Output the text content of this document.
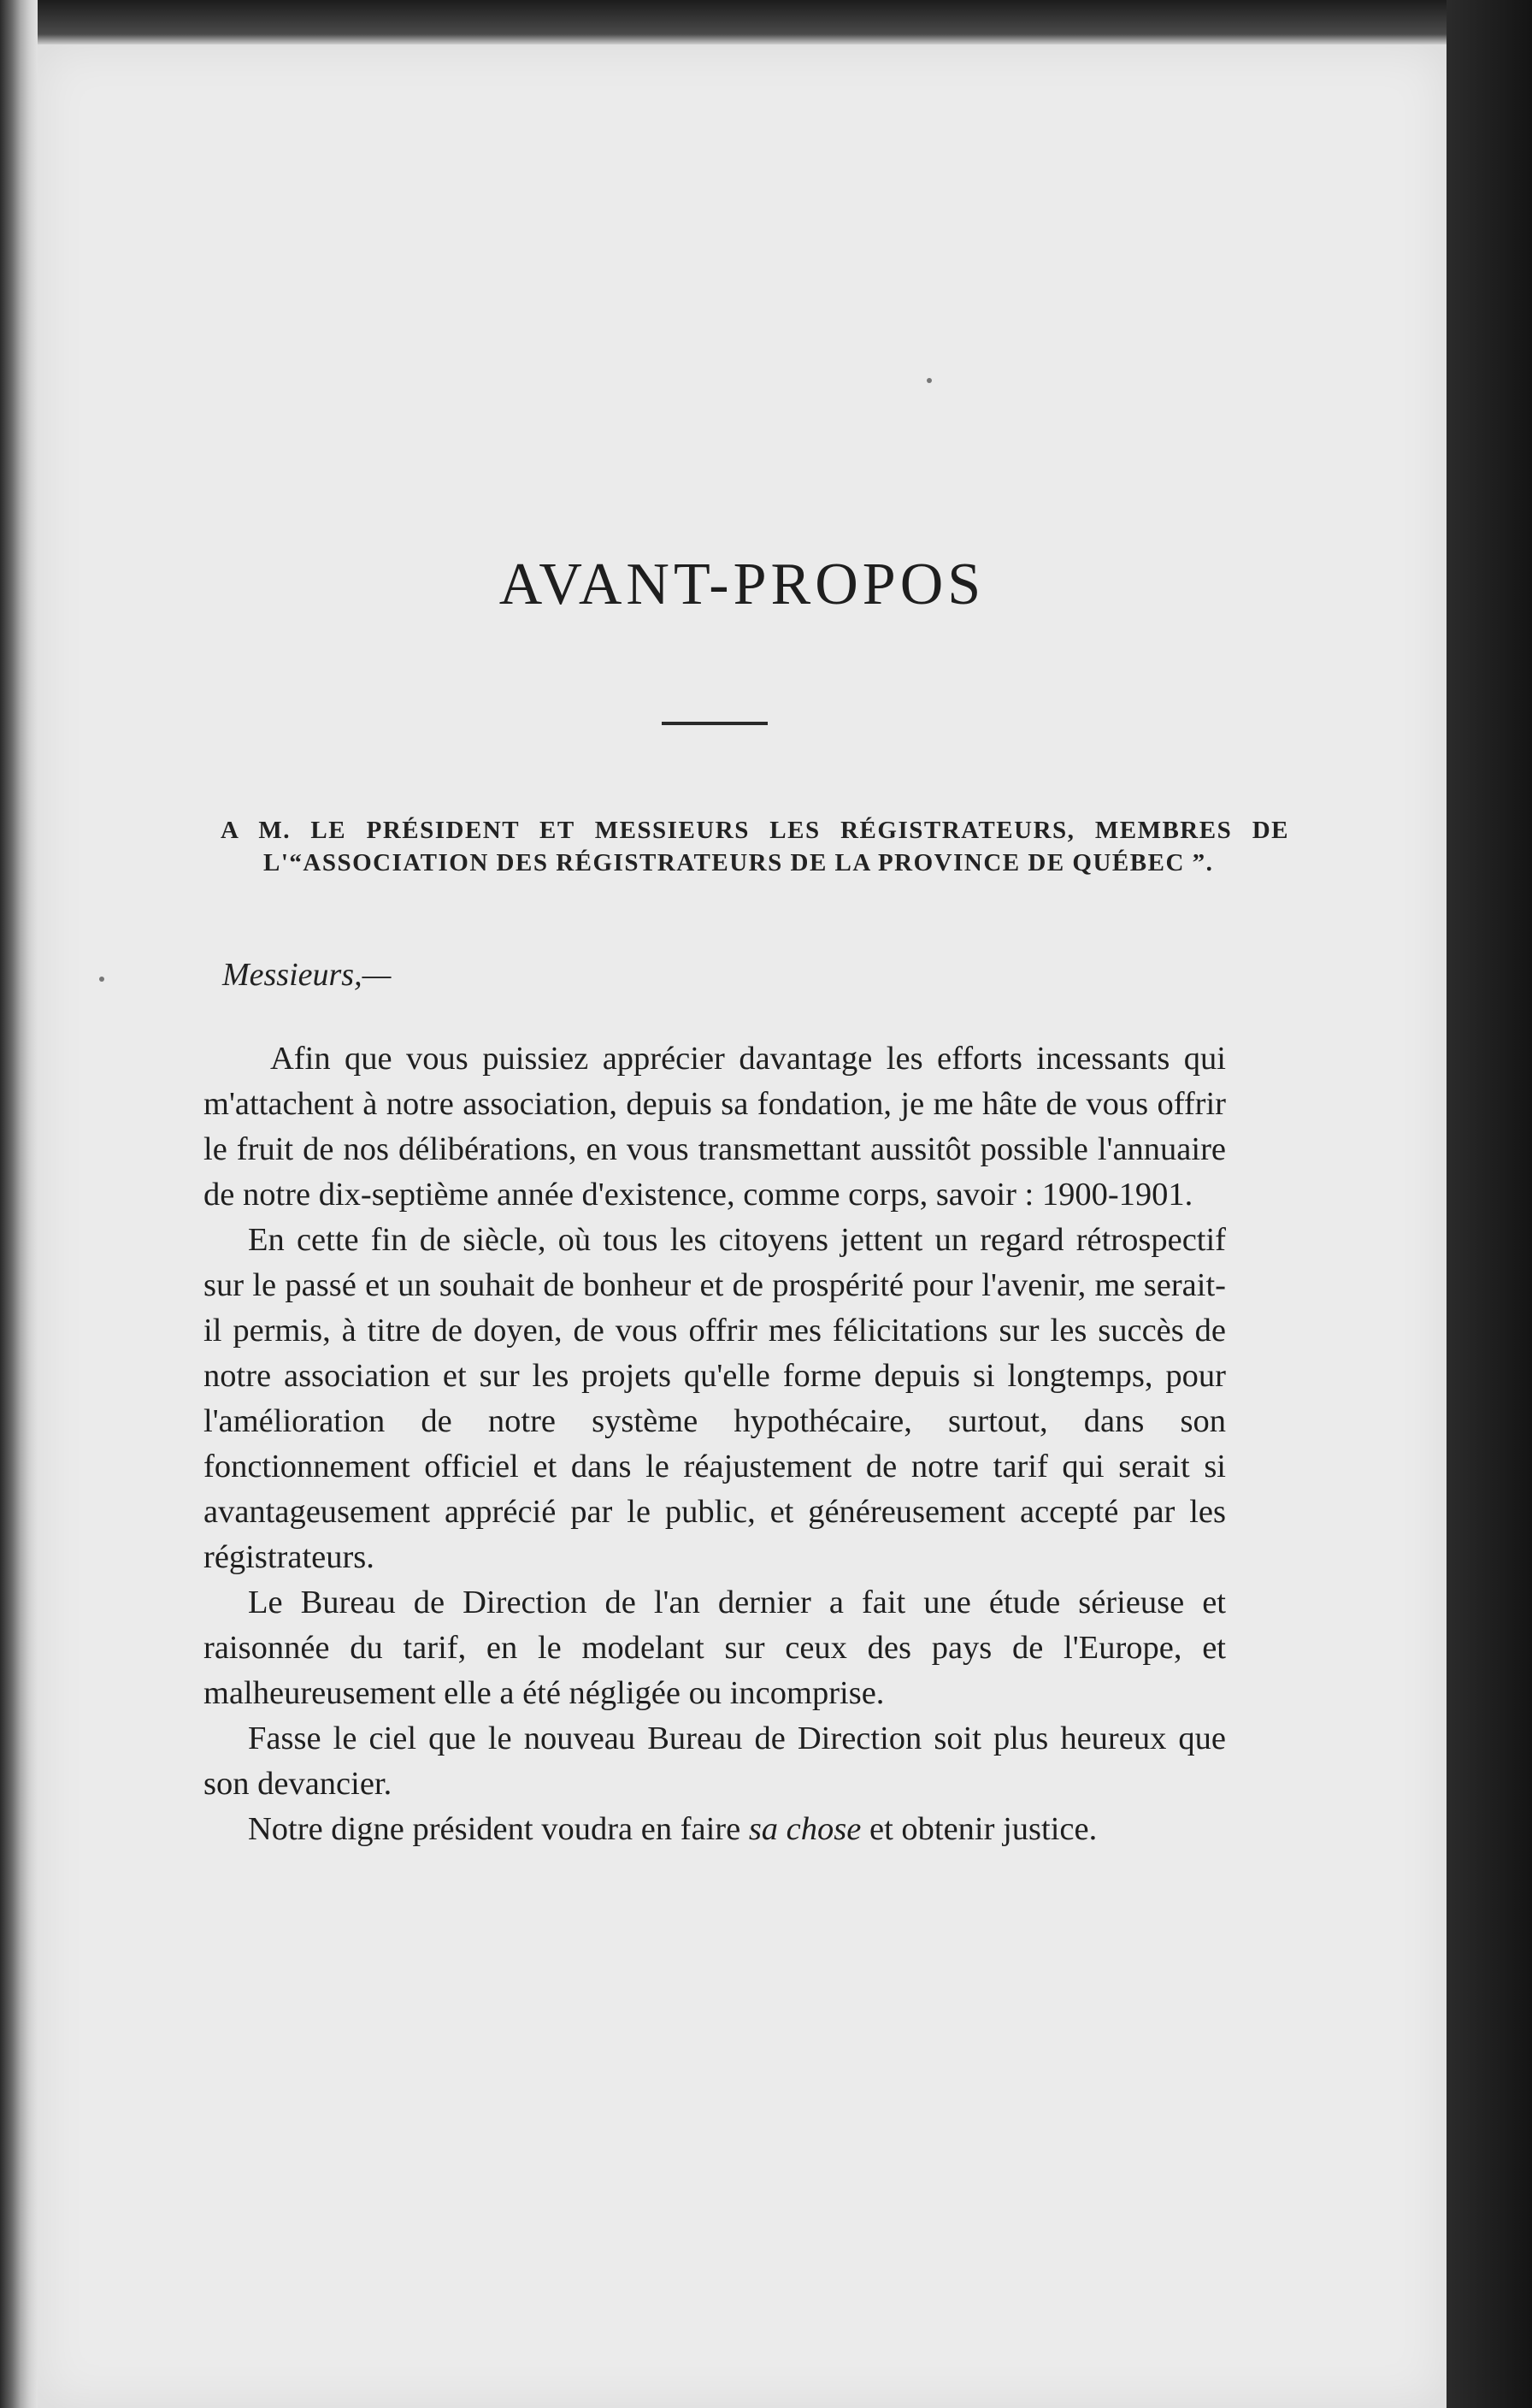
AVANT-PROPOS

A M. LE PRÉSIDENT ET MESSIEURS LES RÉGISTRATEURS, MEMBRES DE L'“ASSOCIATION DES RÉGISTRATEURS DE LA PROVINCE DE QUÉBEC ”.

Messieurs,—

Afin que vous puissiez apprécier davantage les efforts incessants qui m'attachent à notre association, depuis sa fondation, je me hâte de vous offrir le fruit de nos délibérations, en vous transmettant aussitôt possible l'annuaire de notre dix-septième année d'existence, comme corps, savoir : 1900-1901.

En cette fin de siècle, où tous les citoyens jettent un regard rétrospectif sur le passé et un souhait de bonheur et de prospérité pour l'avenir, me serait-il permis, à titre de doyen, de vous offrir mes félicitations sur les succès de notre association et sur les projets qu'elle forme depuis si longtemps, pour l'amélioration de notre système hypothécaire, surtout, dans son fonctionnement officiel et dans le réajustement de notre tarif qui serait si avantageusement apprécié par le public, et généreusement accepté par les régistrateurs.

Le Bureau de Direction de l'an dernier a fait une étude sérieuse et raisonnée du tarif, en le modelant sur ceux des pays de l'Europe, et malheureusement elle a été négligée ou incomprise.

Fasse le ciel que le nouveau Bureau de Direction soit plus heureux que son devancier.

Notre digne président voudra en faire sa chose et obtenir justice.
